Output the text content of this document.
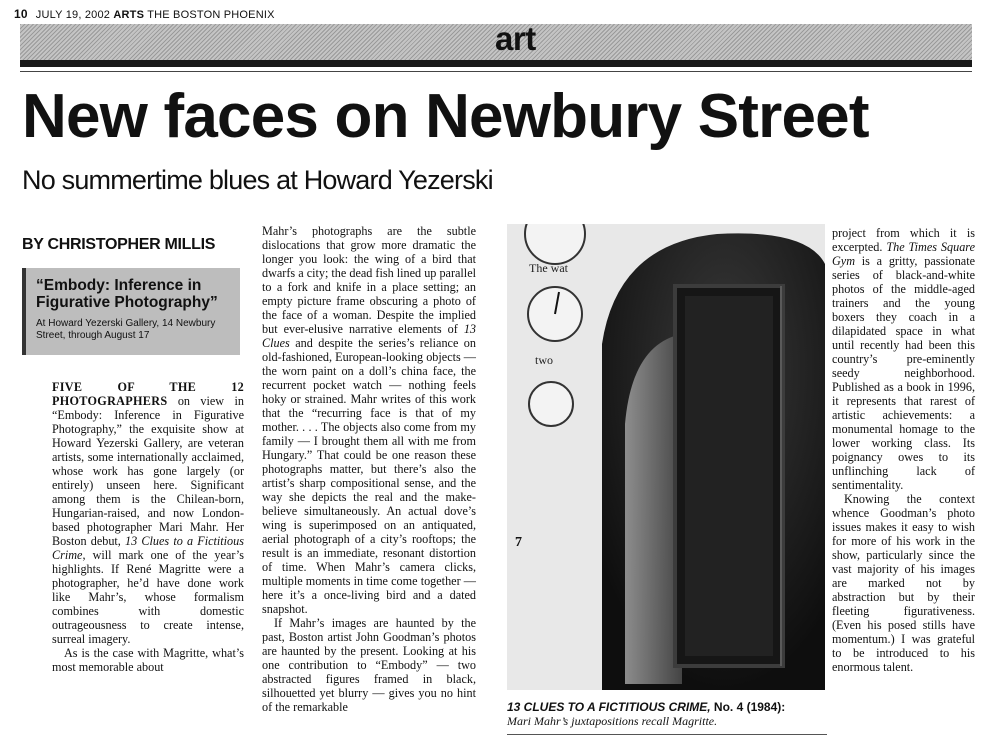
10 JULY 19, 2002 ARTS THE BOSTON PHOENIX
art
New faces on Newbury Street
No summertime blues at Howard Yezerski
BY CHRISTOPHER MILLIS
“Embody: Inference in Figurative Photography”
At Howard Yezerski Gallery, 14 Newbury Street, through August 17

FIVE OF THE 12 PHOTOGRAPHERS on view in “Embody: Inference in Figurative Photography,” the exquisite show at Howard Yezerski Gallery, are veteran artists, some internationally acclaimed, whose work has gone largely (or entirely) unseen here. Significant among them is the Chilean-born, Hungarian-raised, and now London-based photographer Mari Mahr. Her Boston debut, 13 Clues to a Fictitious Crime, will mark one of the year’s highlights. If René Magritte were a photographer, he’d have done work like Mahr’s, whose formalism combines with domestic outrageousness to create intense, surreal imagery.

As is the case with Magritte, what’s most memorable about

Mahr’s photographs are the subtle dislocations that grow more dramatic the longer you look: the wing of a bird that dwarfs a city; the dead fish lined up parallel to a fork and knife in a place setting; an empty picture frame obscuring a photo of the face of a woman. Despite the implied but ever-elusive narrative elements of 13 Clues and despite the series’s reliance on old-fashioned, European-looking objects — the worn paint on a doll’s china face, the recurrent pocket watch — nothing feels hoky or strained. Mahr writes of this work that the “recurring face is that of my mother. . . . The objects also come from my family — I brought them all with me from Hungary.” That could be one reason these photographs matter, but there’s also the artist’s sharp compositional sense, and the way she depicts the real and the make-believe simultaneously. An actual dove’s wing is superimposed on an antiquated, aerial photograph of a city’s rooftops; the result is an immediate, resonant distortion of time. When Mahr’s camera clicks, multiple moments in time come together — here it’s a once-living bird and a dated snapshot.

If Mahr’s images are haunted by the past, Boston artist John Goodman’s photos are haunted by the present. Looking at his one contribution to “Embody” — two abstracted figures framed in black, silhouetted yet blurry — gives you no hint of the remarkable

The wat
two
7
13 CLUES TO A FICTITIOUS CRIME, No. 4 (1984):
Mari Mahr’s juxtapositions recall Magritte.

project from which it is excerpted. The Times Square Gym is a gritty, passionate series of black-and-white photos of the middle-aged trainers and the young boxers they coach in a dilapidated space in what until recently had been this country’s pre-eminently seedy neighborhood. Published as a book in 1996, it represents that rarest of artistic achievements: a monumental homage to the lower working class. Its poignancy owes to its unflinching lack of sentimentality.

Knowing the context whence Goodman’s photo issues makes it easy to wish for more of his work in the show, particularly since the vast majority of his images are marked not by abstraction but by their fleeting figurativeness. (Even his posed stills have momentum.) I was grateful to be introduced to his enormous talent.
